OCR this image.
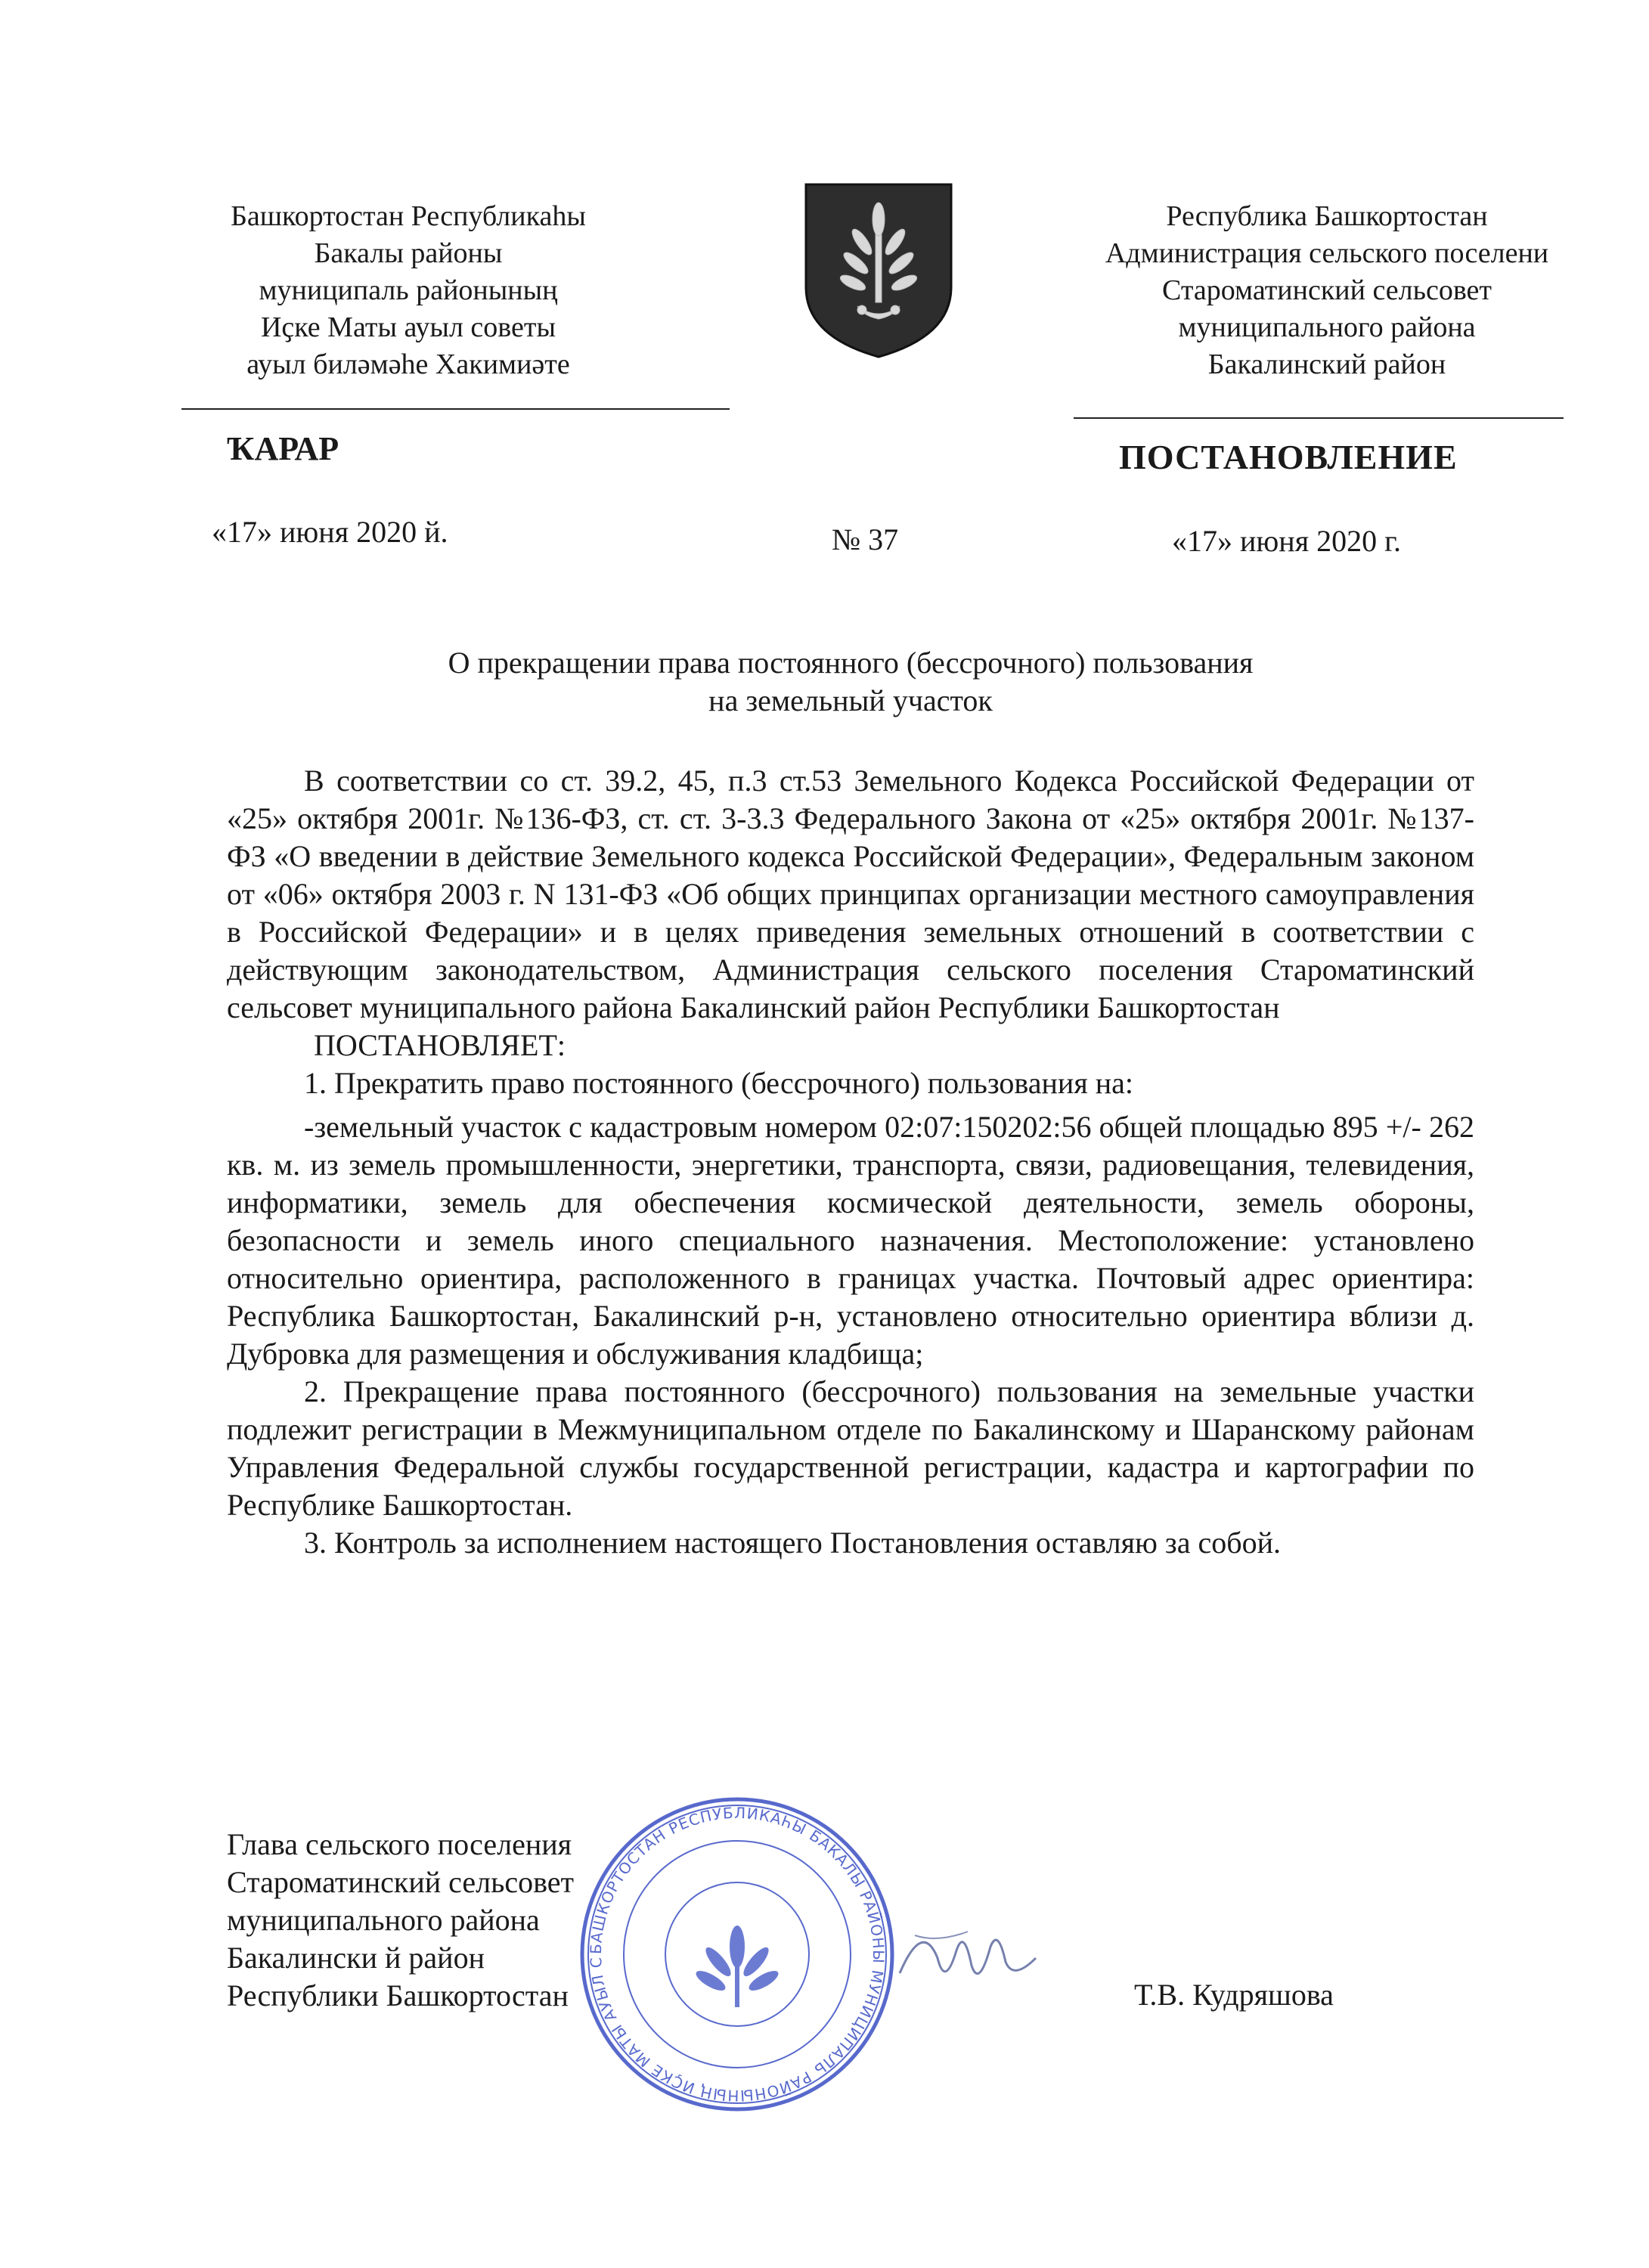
Башкортостан Республикаhы
Бакалы районы
муниципаль районының
Иҫке Маты ауыл советы
ауыл биләмәhе Хакимиәте
Республика Башкортостан
Администрация сельского поселени
Староматинский сельсовет
муниципального района
Бакалинский район
ҠАРАР	ПОСТАНОВЛЕНИЕ
«17» июня 2020 й.	№ 37	«17» июня 2020 г.
О прекращении права постоянного (бессрочного) пользования
на земельный участок

В соответствии со ст. 39.2, 45, п.3 ст.53 Земельного Кодекса Российской Федерации от «25» октября 2001г. №136-ФЗ, ст. ст. 3-3.3 Федерального Закона от «25» октября 2001г. №137-ФЗ «О введении в действие Земельного кодекса Российской Федерации», Федеральным законом от «06» октября 2003 г. N 131-ФЗ «Об общих принципах организации местного самоуправления в Российской Федерации» и в целях приведения земельных отношений в соответствии с действующим законодательством, Администрация сельского поселения Староматинский сельсовет муниципального района Бакалинский район Республики Башкортостан

ПОСТАНОВЛЯЕТ:

1. Прекратить право постоянного (бессрочного) пользования на:

-земельный участок с кадастровым номером 02:07:150202:56 общей площадью 895 +/- 262 кв. м. из земель промышленности, энергетики, транспорта, связи, радиовещания, телевидения, информатики, земель для обеспечения космической деятельности, земель обороны, безопасности и земель иного специального назначения. Местоположение: установлено относительно ориентира, расположенного в границах участка. Почтовый адрес ориентира: Республика Башкортостан, Бакалинский р-н, установлено относительно ориентира вблизи д. Дубровка для размещения и обслуживания кладбища;

2. Прекращение права постоянного (бессрочного) пользования на земельные участки подлежит регистрации в Межмуниципальном отделе по Бакалинскому и Шаранскому районам Управления Федеральной службы государственной регистрации, кадастра и картографии по Республике Башкортостан.

3. Контроль за исполнением настоящего Постановления оставляю за собой.

БАШКОРТОСТАН РЕСПУБЛИКАҺЫ БАКАЛЫ РАЙОНЫ МУНИЦИПАЛЬ РАЙОНЫНЫҢ ИҪКЕ МАТЫ АУЫЛ С
Глава сельского поселения
Староматинский сельсовет
муниципального района
Бакалински й район
Республики Башкортостан	Т.В. Кудряшова
